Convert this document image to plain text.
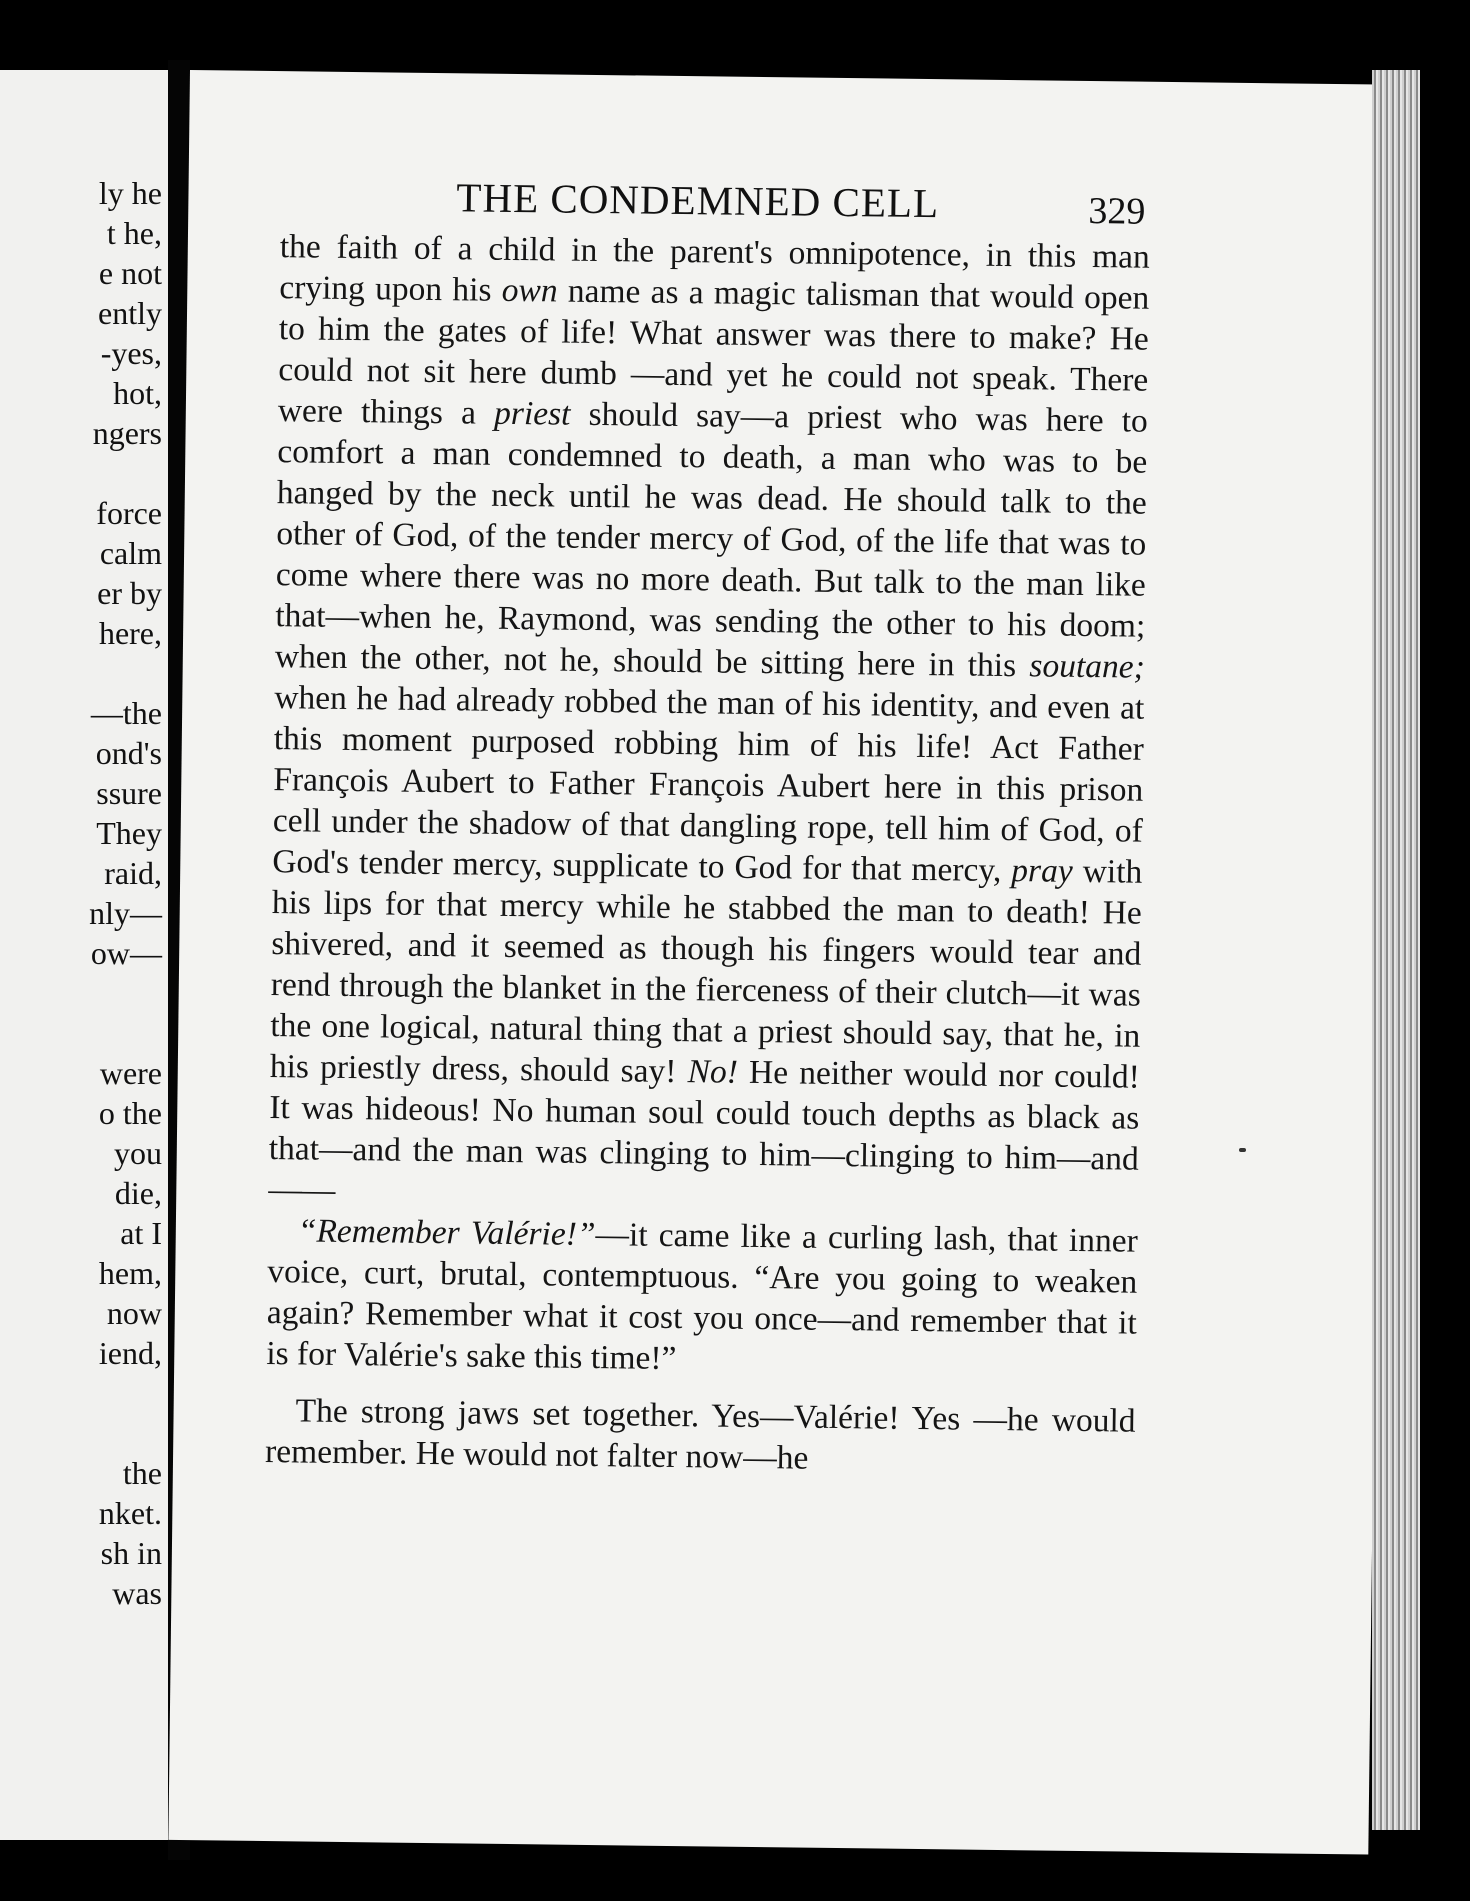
ly he
t he,
e not
ently
-yes,
hot,
ngers
force
calm
er by
here,
—the
ond's
ssure
They
raid,
nly—
ow—
were
o the
you
die,
at I
hem,
now
iend,
the
nket.
sh in
was
THE CONDEMNED CELL	329

the faith of a child in the parent's omnipotence, in this man crying upon his own name as a magic talisman that would open to him the gates of life! What answer was there to make? He could not sit here dumb —and yet he could not speak. There were things a priest should say—a priest who was here to comfort a man condemned to death, a man who was to be hanged by the neck until he was dead. He should talk to the other of God, of the tender mercy of God, of the life that was to come where there was no more death. But talk to the man like that—when he, Raymond, was sending the other to his doom; when the other, not he, should be sitting here in this soutane; when he had already robbed the man of his identity, and even at this moment purposed robbing him of his life! Act Father François Aubert to Father François Aubert here in this prison cell under the shadow of that dangling rope, tell him of God, of God's tender mercy, supplicate to God for that mercy, pray with his lips for that mercy while he stabbed the man to death! He shivered, and it seemed as though his fingers would tear and rend through the blanket in the fierceness of their clutch—it was the one logical, natural thing that a priest should say, that he, in his priestly dress, should say! No! He neither would nor could! It was hideous! No human soul could touch depths as black as that—and the man was clinging to him—clinging to him—and——

“Remember Valérie!”—it came like a curling lash, that inner voice, curt, brutal, contemptuous. “Are you going to weaken again? Remember what it cost you once—and remember that it is for Valérie's sake this time!”

The strong jaws set together. Yes—Valérie! Yes —he would remember. He would not falter now—he
